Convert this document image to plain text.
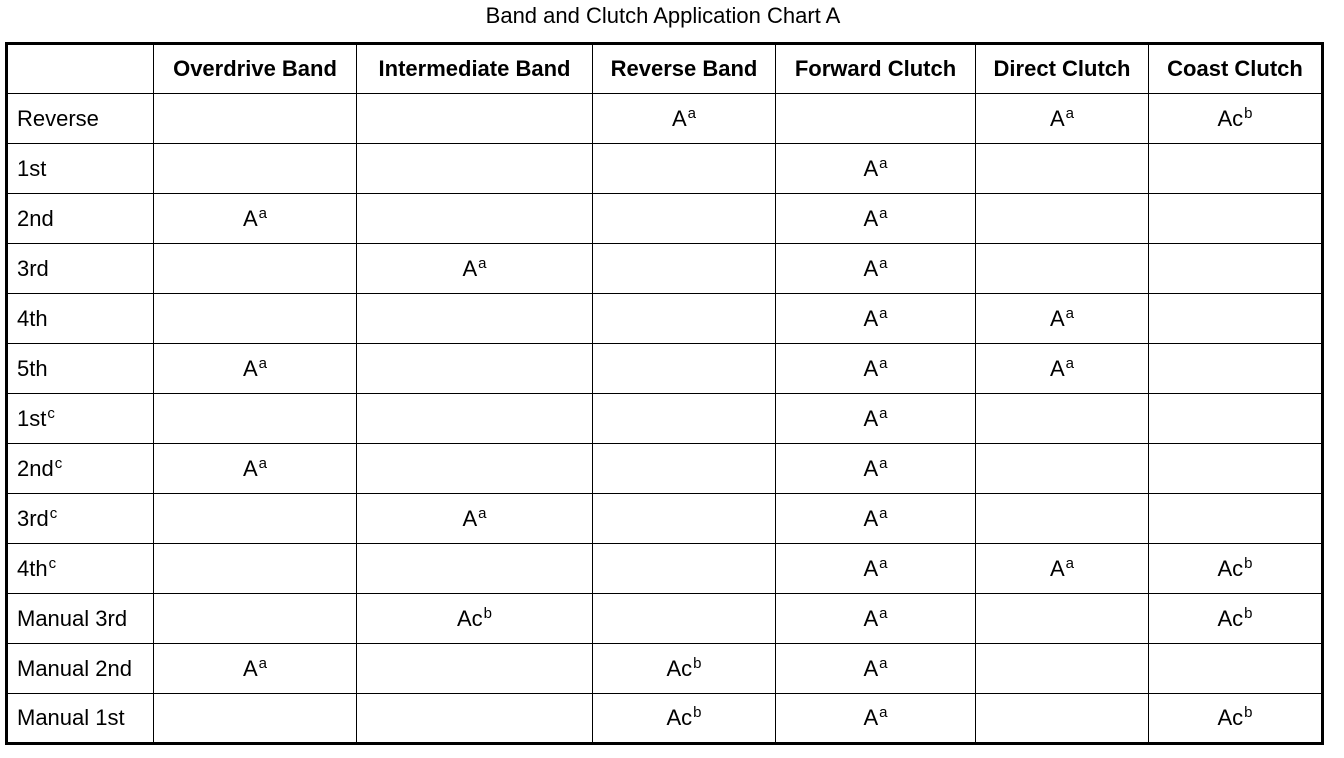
Band and Clutch Application Chart A
	Overdrive Band	Intermediate Band	Reverse Band	Forward Clutch	Direct Clutch	Coast Clutch
Reverse			$A^a$		$A^a$	Ac$^b$
1st				$A^a$		
2nd	$A^a$			$A^a$		
3rd		$A^a$		$A^a$		
4th				$A^a$	$A^a$	
5th	$A^a$			$A^a$	$A^a$	
$1st^c$				$A^a$		
$2nd^c$	$A^a$			$A^a$		
$3rd^c$		$A^a$		$A^a$		
$4th^c$				$A^a$	$A^a$	Ac$^b$
Manual 3rd		Ac$^b$		$A^a$		Ac$^b$
Manual 2nd	$A^a$		Ac$^b$	$A^a$		
Manual 1st			Ac$^b$	$A^a$		Ac$^b$
